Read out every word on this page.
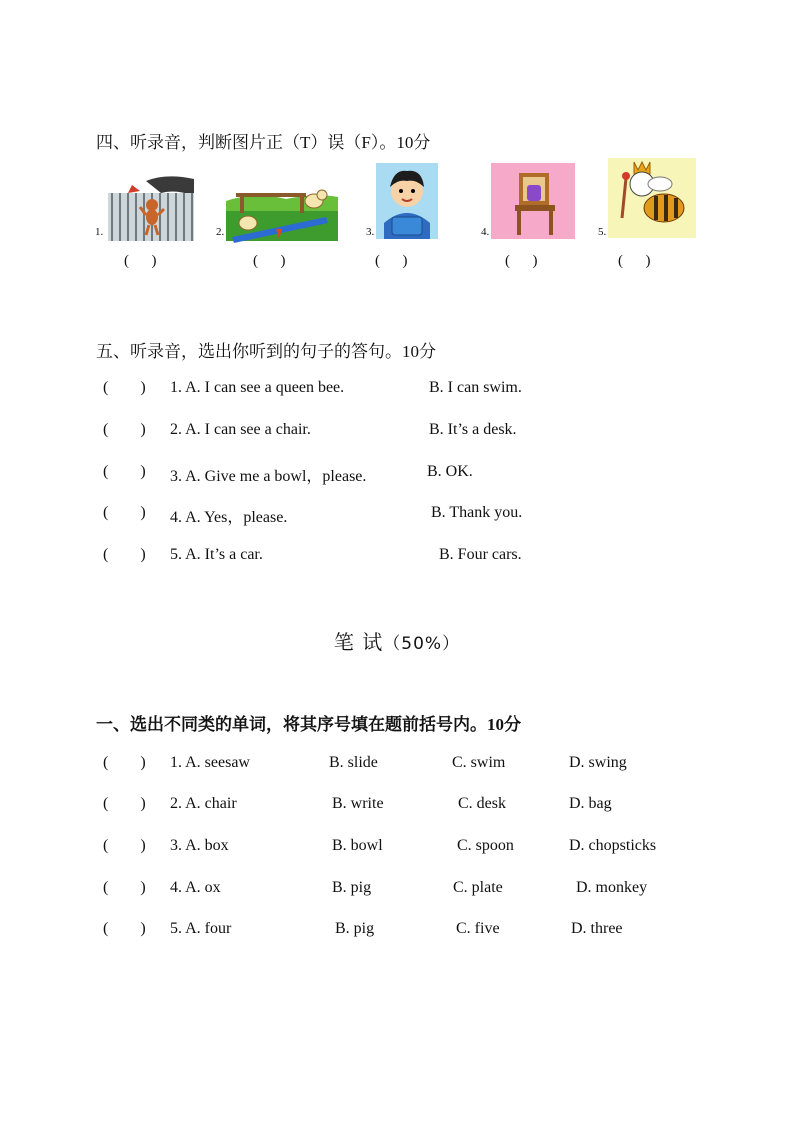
四、听录音，判断图片正（T）误（F）。10分
1.
(      )
2.
(      )
3.
(      )
4.
(      )
5.
(      )
五、听录音，选出你听到的句子的答句。10分
(        ) 1. A. I can see a queen bee.	B. I can swim.
(        ) 2. A. I can see a chair.	B. It’s a desk.
(        ) 3. A. Give me a bowl，please.	B. OK.
(        ) 4. A. Yes，please.	B. Thank you.
(        ) 5. A. It’s a car.	B. Four cars.
笔 试（50%）
一、选出不同类的单词，将其序号填在题前括号内。10分
(        ) 1. A. seesaw	B. slide	C. swim	D. swing
(        ) 2. A. chair	B. write	C. desk	D. bag
(        ) 3. A. box	B. bowl	C. spoon	D. chopsticks
(        ) 4. A. ox	B. pig	C. plate	D. monkey
(        ) 5. A. four	B. pig	C. five	D. three
